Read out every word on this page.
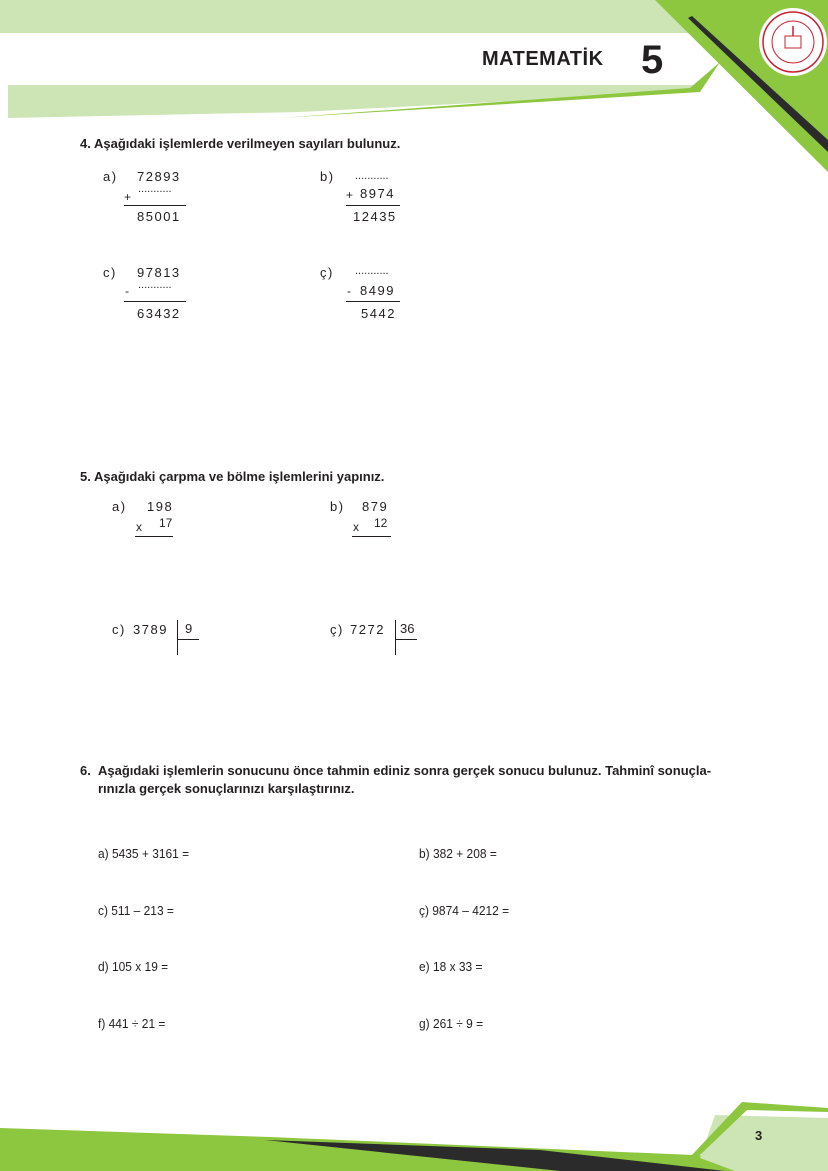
MATEMATİK 5
4. Aşağıdaki işlemlerde verilmeyen sayıları bulunuz.
a) 72893
+
...........
85001
b) ...........
+ 8974
12435
c) 97813
- ...........
63432
ç) ...........
- 8499
5442
5. Aşağıdaki çarpma ve bölme işlemlerini yapınız.
a) 198
x 17
b) 879
x 12
c) 3789 9	ç) 7272 36
6. Aşağıdaki işlemlerin sonucunu önce tahmin ediniz sonra gerçek sonucu bulunuz. Tahminî sonuçla-
rınızla gerçek sonuçlarınızı karşılaştırınız.
a) 5435 + 3161 =	b) 382 + 208 =
c) 511 – 213 =	ç) 9874 – 4212 =
d) 105 x 19 =	e) 18 x 33 =
f) 441 ÷ 21 =	g) 261 ÷ 9 =
3
